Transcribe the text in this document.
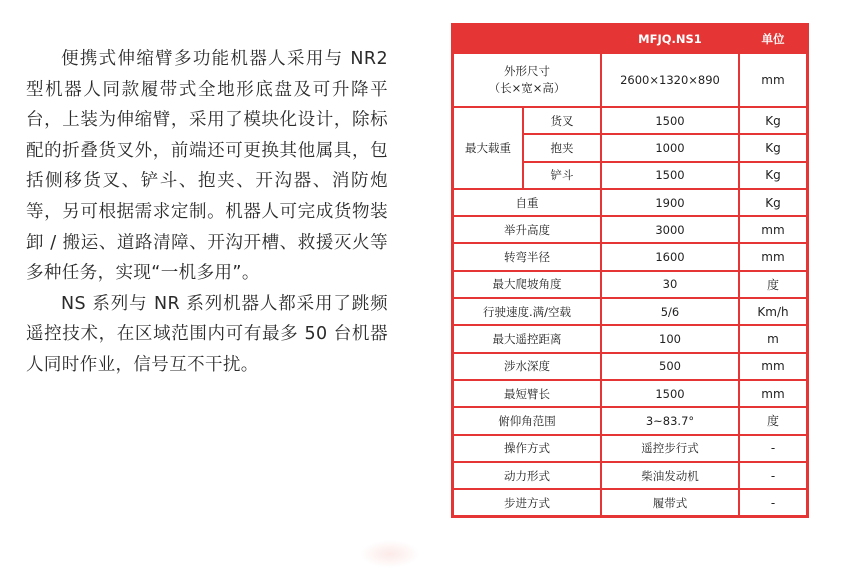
便携式伸缩臂多功能机器人采用与 NR2 型机器人同款履带式全地形底盘及可升降平台，上装为伸缩臂，采用了模块化设计，除标配的折叠货叉外，前端还可更换其他属具，包括侧移货叉、铲斗、抱夹、开沟器、消防炮等，另可根据需求定制。机器人可完成货物装卸 / 搬运、道路清障、开沟开槽、救援灭火等多种任务，实现“一机多用”。

NS 系列与 NR 系列机器人都采用了跳频遥控技术，在区域范围内可有最多 50 台机器人同时作业，信号互不干扰。

		MFJQ.NS1	单位
外形尺寸
（长×宽×高）		2600×1320×890	mm
最大载重	货叉	1500	Kg
	抱夹	1000	Kg
	铲斗	1500	Kg
自重		1900	Kg
举升高度		3000	mm
转弯半径		1600	mm
最大爬坡角度		30	度
行驶速度.满/空载		5/6	Km/h
最大遥控距离		100	m
涉水深度		500	mm
最短臂长		1500	mm
俯仰角范围		3~83.7°	度
操作方式		遥控步行式	-
动力形式		柴油发动机	-
步进方式		履带式	-
